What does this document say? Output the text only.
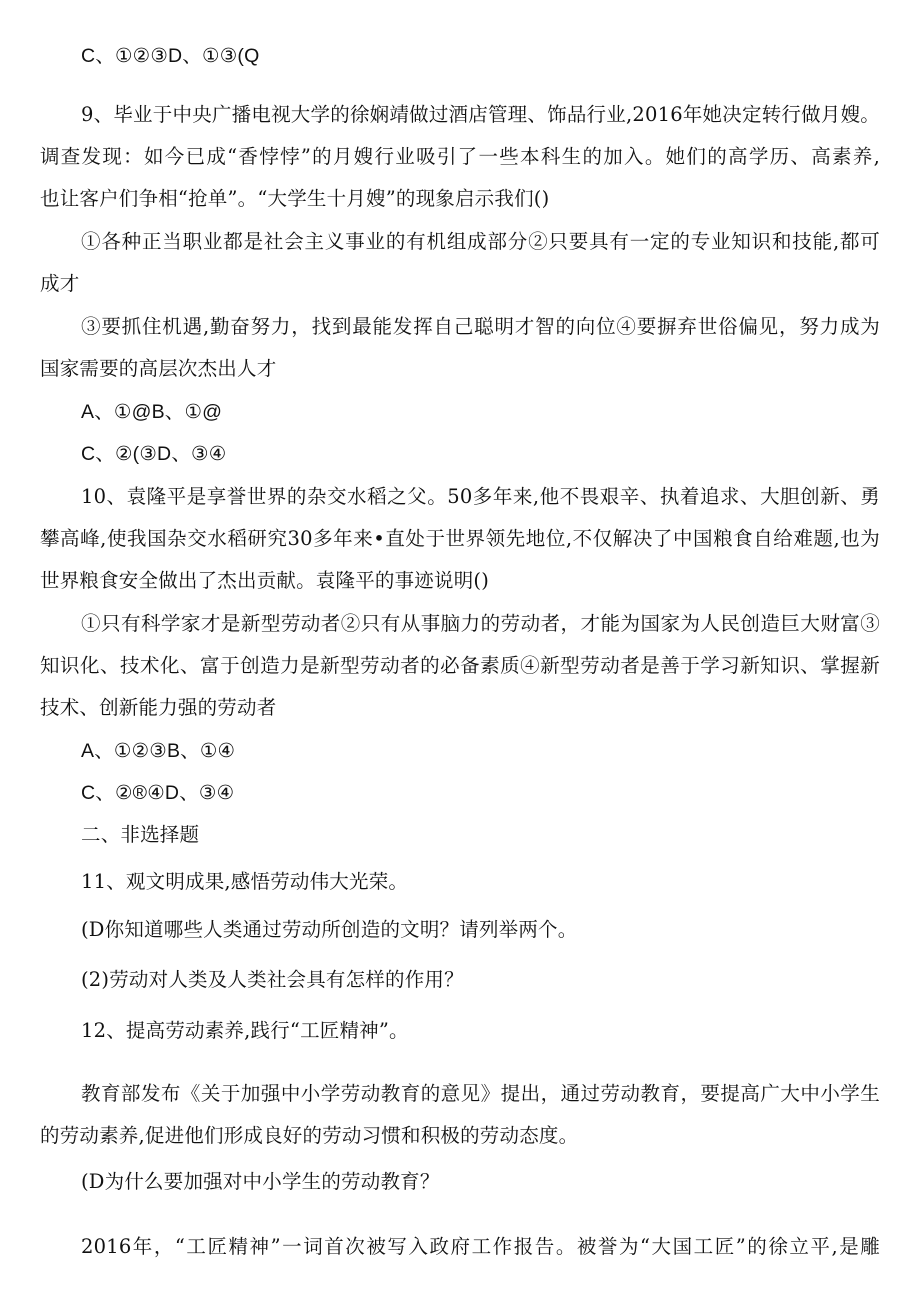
C、①②③D、①③(Q
9、毕业于中央广播电视大学的徐娴靖做过酒店管理、饰品行业,2016年她决定转行做月嫂。
调查发现：如今已成“香悖悖”的月嫂行业吸引了一些本科生的加入。她们的高学历、高素养,
也让客户们争相“抢单”。“大学生十月嫂”的现象启示我们()
①各种正当职业都是社会主义事业的有机组成部分②只要具有一定的专业知识和技能,都可
成才
③要抓住机遇,勤奋努力，找到最能发挥自己聪明才智的向位④要摒弃世俗偏见，努力成为
国家需要的高层次杰出人才
A、①@B、①@
C、②(③D、③④
10、袁隆平是享誉世界的杂交水稻之父。50多年来,他不畏艰辛、执着追求、大胆创新、勇
攀高峰,使我国杂交水稻研究30多年来•直处于世界领先地位,不仅解决了中国粮食自给难题,也为
世界粮食安全做出了杰出贡献。袁隆平的事迹说明()
①只有科学家才是新型劳动者②只有从事脑力的劳动者，才能为国家为人民创造巨大财富③
知识化、技术化、富于创造力是新型劳动者的必备素质④新型劳动者是善于学习新知识、掌握新
技术、创新能力强的劳动者
A、①②③B、①④
C、②®④D、③④
二、非选择题
11、观文明成果,感悟劳动伟大光荣。
(D你知道哪些人类通过劳动所创造的文明？请列举两个。
(2)劳动对人类及人类社会具有怎样的作用？
12、提高劳动素养,践行“工匠精神”。
教育部发布《关于加强中小学劳动教育的意见》提出，通过劳动教育，要提高广大中小学生
的劳动素养,促进他们形成良好的劳动习惯和积极的劳动态度。
(D为什么要加强对中小学生的劳动教育？
2016年，“工匠精神”一词首次被写入政府工作报告。被誉为“大国工匠”的徐立平,是雕
